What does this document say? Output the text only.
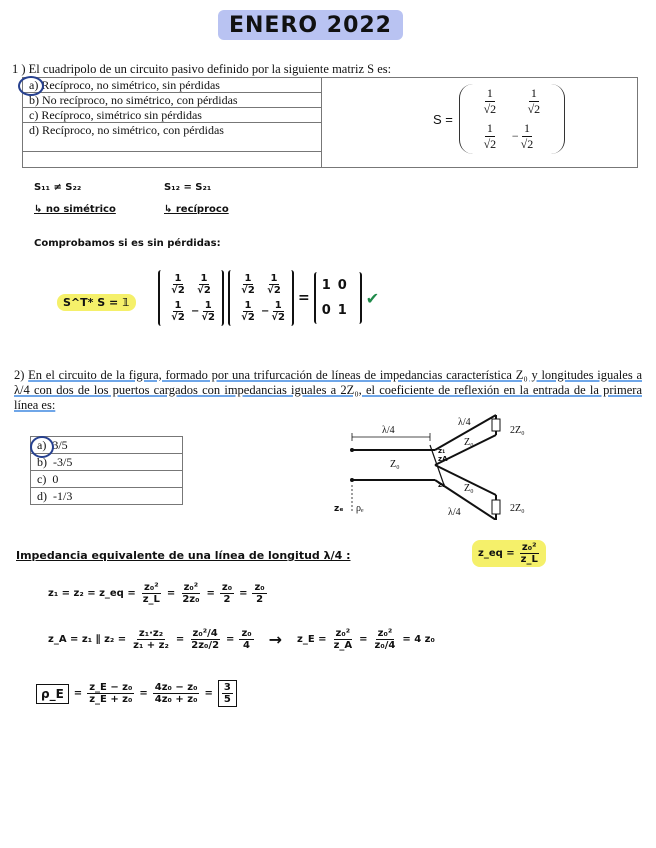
ENERO 2022
1 ) El cuadripolo de un circuito pasivo definido por la siguiente matriz S es:
a) Recíproco, no simétrico, sin pérdidas
b) No recíproco, no simétrico, con pérdidas
c) Recíproco, simétrico sin pérdidas
d) Recíproco, no simétrico, con pérdidas
S =
$\frac{1}{√2} \frac{1}{√2}$
$\frac{1}{√2} - \frac{1}{√2}$
S₁₁ ≠ S₂₂	S₁₂ = S₂₁
↳ no simétrico	↳ recíproco
Comprobamos si es sin pérdidas:
S^T* S = 𝟙
$\frac{1}{√2} \frac{1}{√2}$
$\frac{1}{√2} - \frac{1}{√2}$
$\frac{1}{√2} \frac{1}{√2}$
$\frac{1}{√2} - \frac{1}{√2}$
=
1 0
0 1
✔
2) En el circuito de la figura, formado por una trifurcación de líneas de impedancias característica Z₀ y longitudes iguales a λ/4 con dos de los puertos cargados con impedancias iguales a 2Z₀, el coeficiente de reflexión en la entrada de la primera línea es:
a) 3/5
b) -3/5
c) 0
d) -1/3
λ/4
Z₀
λ/4
Z₀
Z₀
λ/4
2Z₀
2Z₀
zₑ ρₑ
zA
z₁
z₂
Impedancia equivalente de una línea de longitud λ/4 :	z_eq = $\frac{\text{z₀²}}{z\_L}$
z₁ = z₂ = z_eq = $\frac{\text{z₀²}}{z\_L} = \frac{\text{z₀²}}{\text{2z₀}} = \frac{\text{z₀}}{2} = \frac{\text{z₀}}{2}$
z_A = z₁ ∥ $z_2 = \frac{\text{z₁·z₂}}{\text{z₁ + z₂}} = \frac{\text{z₀²/4}}{\text{2z₀/2}} = \frac{\text{z₀}}{4}$ → z_E = $\frac{\text{z₀²}}{z\_A} = \frac{\text{z₀²}}{\text{z₀/4}} = 4$ z₀
ρ_E	= $\frac{\text{z\_E − z₀}}{\text{z\_E + z₀}} = \frac{\text{4z₀ − z₀}}{\text{4z₀ + z₀}} = \frac{3}{5}$
